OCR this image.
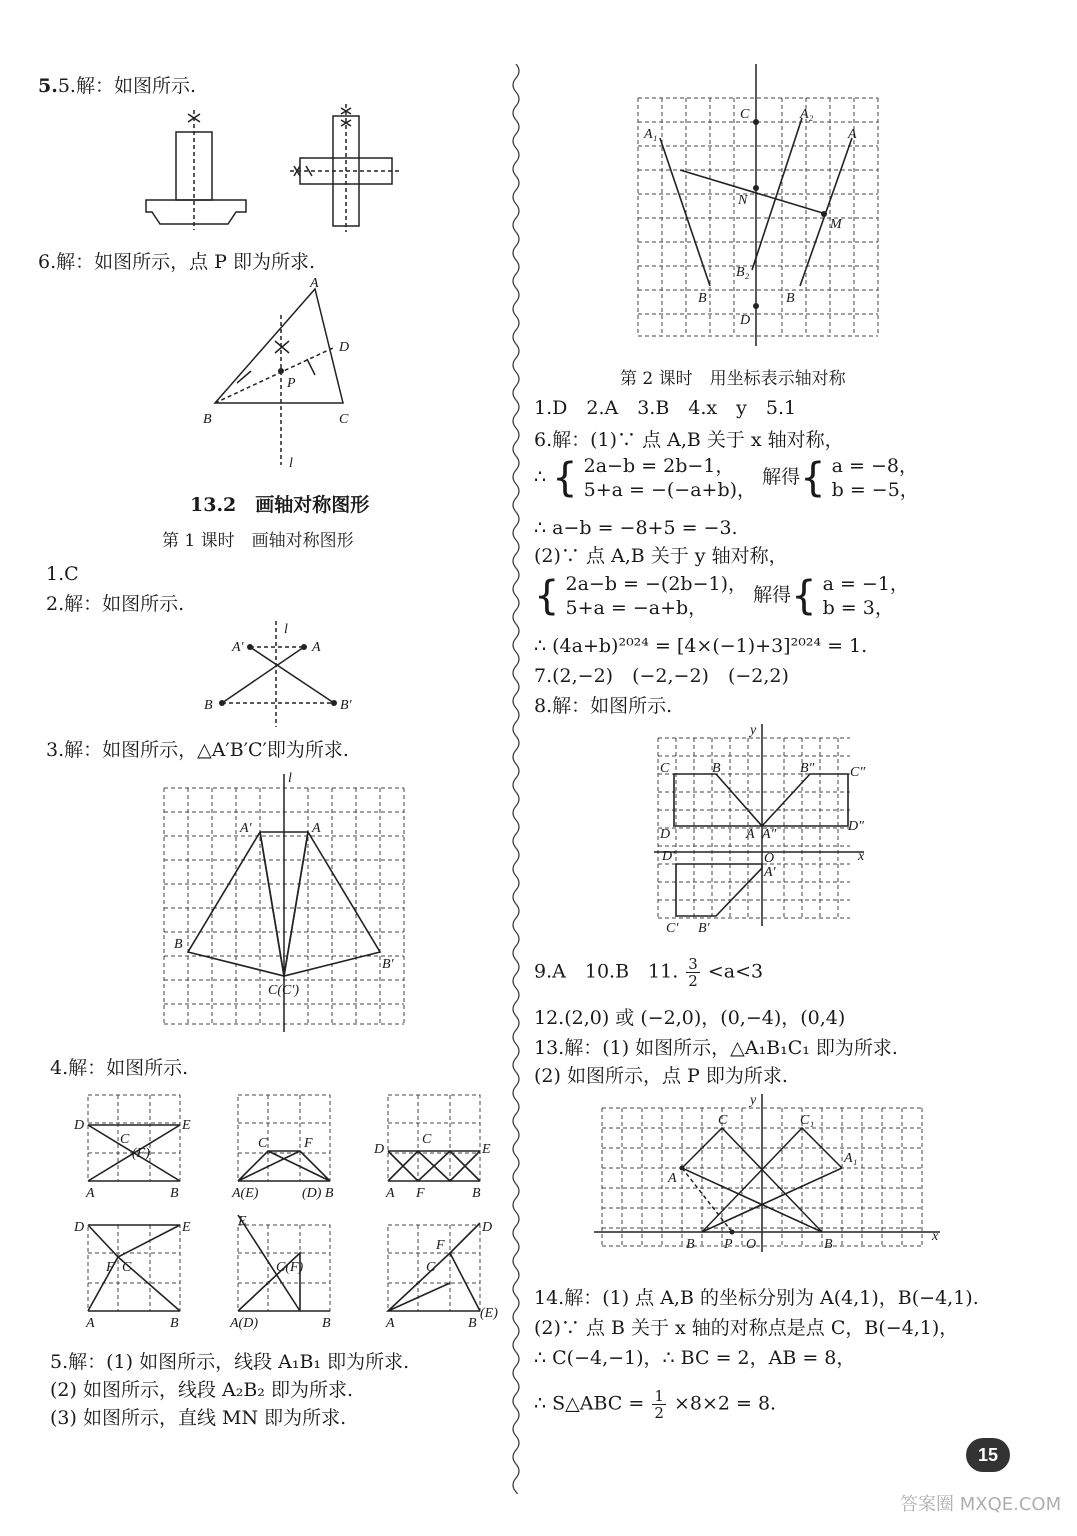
5.5.解：如图所示.
6.解：如图所示，点 P 即为所求.
A
D
B	C
P
l
13.2　画轴对称图形
第 1 课时　画轴对称图形
1.C
2.解：如图所示.
A′	A
l
B	B′
3.解：如图所示，△A′B′C′即为所求.
A′	A
l
B
B′
C(C′)
4.解：如图所示.
D	E
C
(F)
A	B
C	F
A(E)	(D) B
D	E
C
A F	B
D	E
F C
A	B
E
C(F)
A(D)	B
D
F
C
A	B
(E)
5.解：(1) 如图所示，线段 A₁B₁ 即为所求.
(2) 如图所示，线段 A₂B₂ 即为所求.
(3) 如图所示，直线 MN 即为所求.
C	A₂
A₁	A
N
M
B₂
B	B
D
第 2 课时　用坐标表示轴对称
1.D　2.A　3.B　4.x　y　5.1
6.解：(1)∵ 点 A,B 关于 x 轴对称，
∴ { 2a−b = 2b−1，
5+a = −(−a+b)，
解得{ a = −8，
b = −5，
∴ a−b = −8+5 = −3.
(2)∵ 点 A,B 关于 y 轴对称，
{ 2a−b = −(2b−1)，
5+a = −a+b，
解得{ a = −1，
b = 3，
∴ (4a+b)²⁰²⁴ = [4×(−1)+3]²⁰²⁴ = 1.
7.(2,−2)　(−2,−2)　(−2,2)
8.解：如图所示.
y
x
C	B	B″	C″
D	A A″
D″
D′	O
A′
C′ B′
9.A　10.B　11. $\frac{3}{2} <a<3$
12.(2,0) 或 (−2,0)，(0,−4)，(0,4)
13.解：(1) 如图所示，△A₁B₁C₁ 即为所求.
(2) 如图所示，点 P 即为所求.
y
x
C	C₁
A
A₁
B P O	B
14.解：(1) 点 A,B 的坐标分别为 A(4,1)，B(−4,1).
(2)∵ 点 B 关于 x 轴的对称点是点 C，B(−4,1)，
∴ C(−4,−1)，∴ BC = 2，AB = 8，
∴ S△ABC = $\frac{1}{2} \times 8\times 2 = 8$.
15
答案圈 MXQE.COM
